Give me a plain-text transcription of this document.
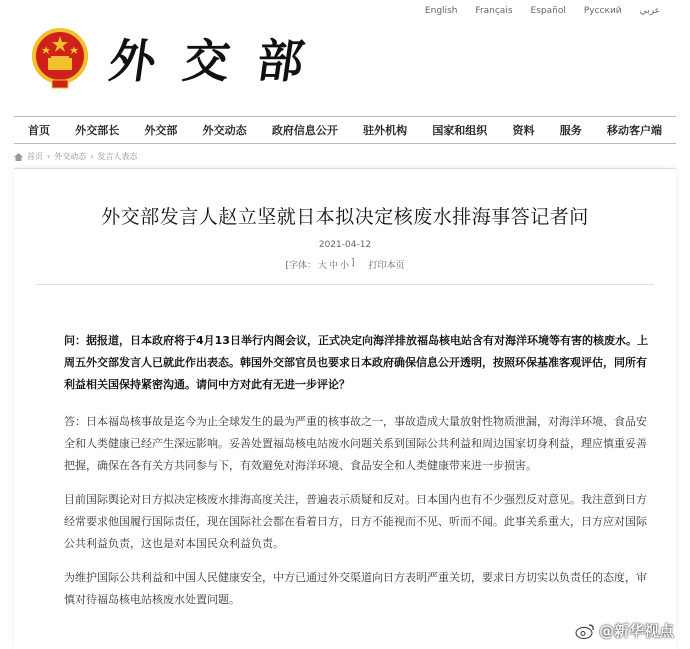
English Français Español Русский عربي
外交部
首页 外交部长 外交部 外交动态 政府信息公开 驻外机构 国家和组织 资料 服务 移动客户端
首页 › 外交动态 › 发言人表态
外交部发言人赵立坚就日本拟决定核废水排海事答记者问
2021-04-12
[字体： 大 中 小 ] 打印本页

问：据报道，日本政府将于4月13日举行内阁会议，正式决定向海洋排放福岛核电站含有对海洋环境等有害的核废水。上周五外交部发言人已就此作出表态。韩国外交部官员也要求日本政府确保信息公开透明，按照环保基准客观评估，同所有利益相关国保持紧密沟通。请问中方对此有无进一步评论？

答：日本福岛核事故是迄今为止全球发生的最为严重的核事故之一，事故造成大量放射性物质泄漏，对海洋环境、食品安全和人类健康已经产生深远影响。妥善处置福岛核电站废水问题关系到国际公共利益和周边国家切身利益，理应慎重妥善把握，确保在各有关方共同参与下，有效避免对海洋环境、食品安全和人类健康带来进一步损害。

目前国际舆论对日方拟决定核废水排海高度关注，普遍表示质疑和反对。日本国内也有不少强烈反对意见。我注意到日方经常要求他国履行国际责任，现在国际社会都在看着日方，日方不能视而不见、听而不闻。此事关系重大，日方应对国际公共利益负责，这也是对本国民众利益负责。

为维护国际公共利益和中国人民健康安全，中方已通过外交渠道向日方表明严重关切，要求日方切实以负责任的态度，审慎对待福岛核电站核废水处置问题。

@新华视点
